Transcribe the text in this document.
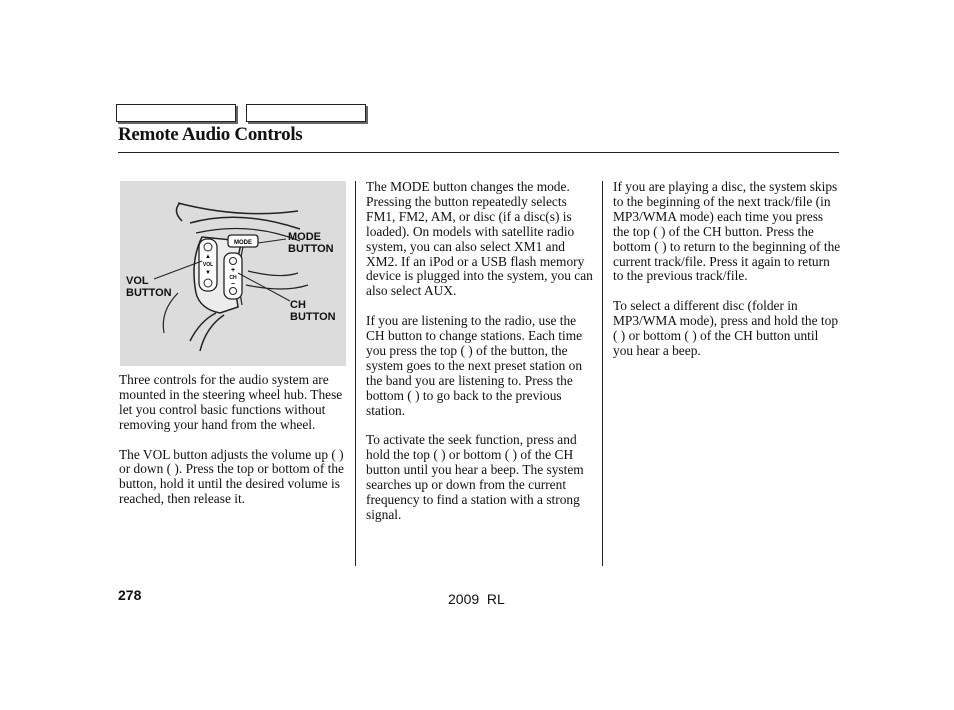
Remote Audio Controls
▲
VOL
▼
MODE
+
CH
−
MODE
BUTTON
VOL
BUTTON
CH
BUTTON

Three controls for the audio system are mounted in the steering wheel hub. These let you control basic functions without removing your hand from the wheel.

The VOL button adjusts the volume up ( ) or down ( ). Press the top or bottom of the button, hold it until the desired volume is reached, then release it.

The MODE button changes the mode. Pressing the button repeatedly selects FM1, FM2, AM, or disc (if a disc(s) is loaded). On models with satellite radio system, you can also select XM1 and XM2. If an iPod or a USB flash memory device is plugged into the system, you can also select AUX.

If you are listening to the radio, use the CH button to change stations. Each time you press the top ( ) of the button, the system goes to the next preset station on the band you are listening to. Press the bottom ( ) to go back to the previous station.

To activate the seek function, press and hold the top ( ) or bottom ( ) of the CH button until you hear a beep. The system searches up or down from the current frequency to find a station with a strong signal.

If you are playing a disc, the system skips to the beginning of the next track/file (in MP3/WMA mode) each time you press the top ( ) of the CH button. Press the bottom ( ) to return to the beginning of the current track/file. Press it again to return to the previous track/file.

To select a different disc (folder in MP3/WMA mode), press and hold the top ( ) or bottom ( ) of the CH button until you hear a beep.

278	2009  RL
